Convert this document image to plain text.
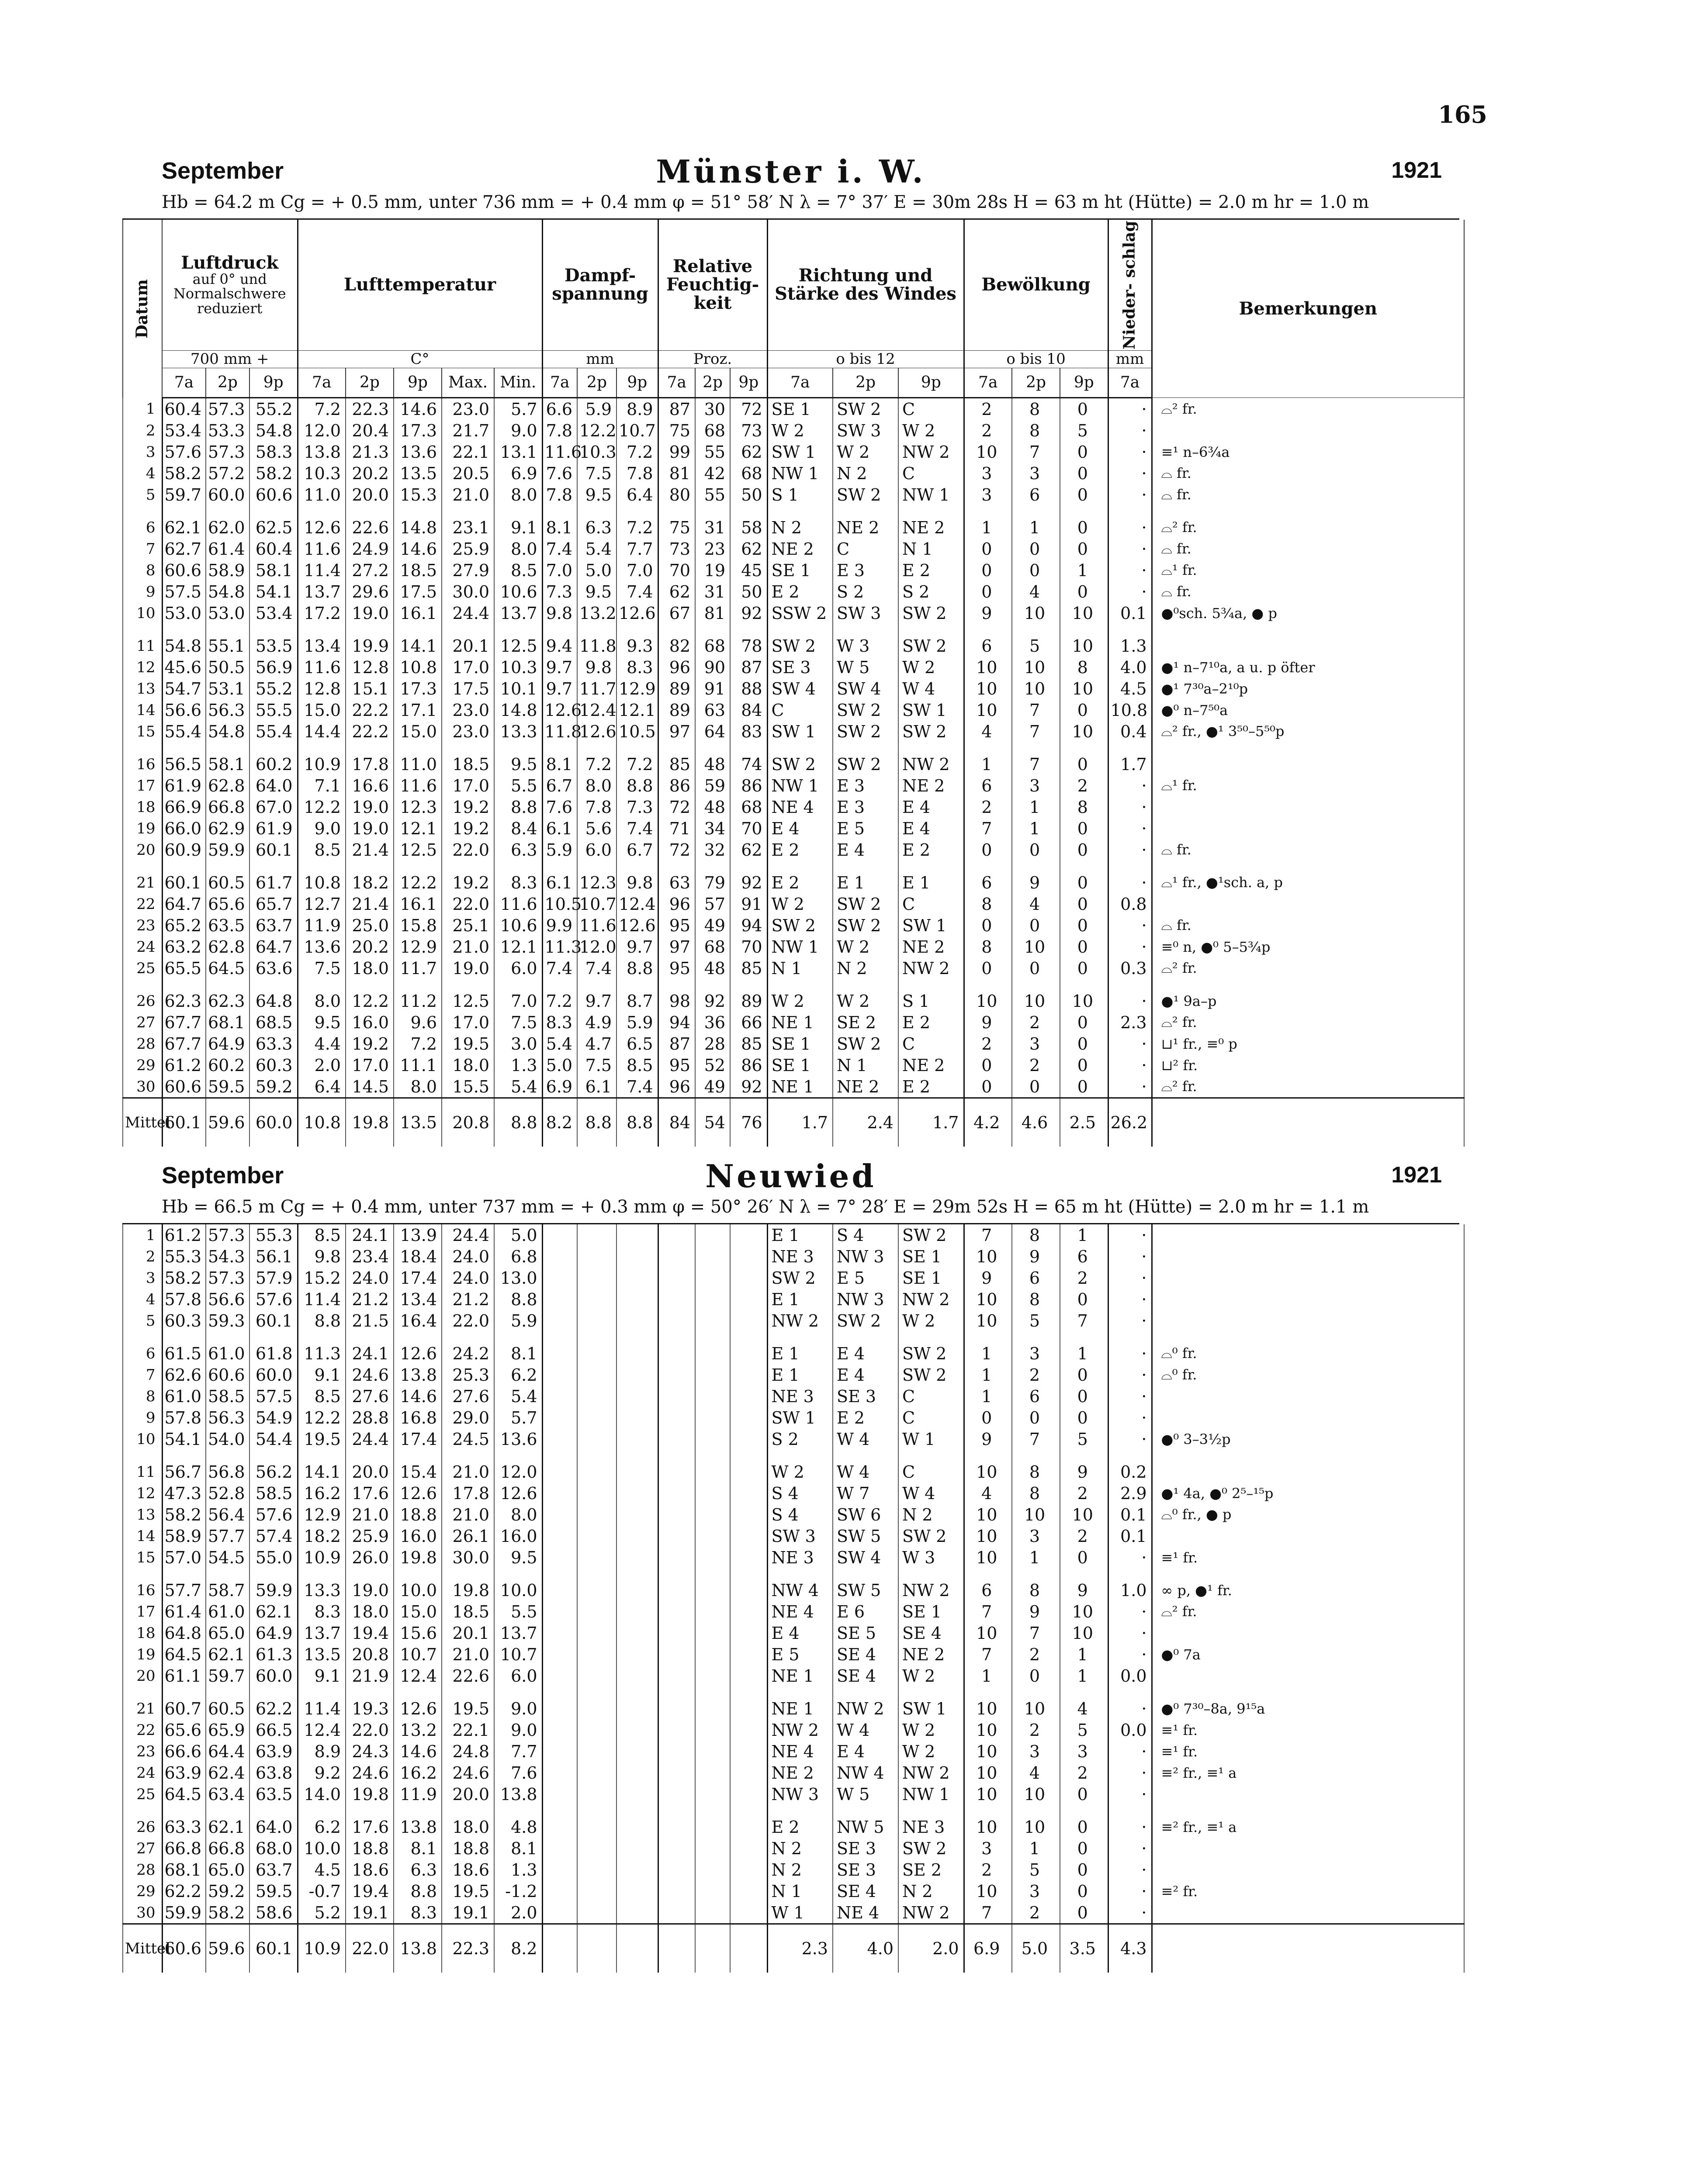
165
September	Münster i. W.	1921
Hb = 64.2 m Cg = + 0.5 mm, unter 736 mm = + 0.4 mm φ = 51° 58′ N λ = 7° 37′ E = 30m 28s H = 63 m ht (Hütte) = 2.0 m hr = 1.0 m
Datum	Luftdruck
auf 0° und Normalschwere reduziert			Lufttemperatur					Dampf- spannung			Relative Feuchtig- keit			Richtung und Stärke des Windes			Bewölkung			Nieder- schlag	Bemerkungen
	700 mm +			C°					mm			Proz.			o bis 12			o bis 10			mm	
	7a	2p	9p	7a	2p	9p	Max.	Min.	7a	2p	9p	7a	2p	9p	7a	2p	9p	7a	2p	9p	7a	
1	60.4	57.3	55.2	7.2	22.3	14.6	23.0	5.7	6.6	5.9	8.9	87	30	72	SE 1	SW 2	C	2	8	0	·	⌓² fr.
2	53.4	53.3	54.8	12.0	20.4	17.3	21.7	9.0	7.8	12.2	10.7	75	68	73	W 2	SW 3	W 2	2	8	5	·	
3	57.6	57.3	58.3	13.8	21.3	13.6	22.1	13.1	11.6	10.3	7.2	99	55	62	SW 1	W 2	NW 2	10	7	0	·	≡¹ n–6¾a
4	58.2	57.2	58.2	10.3	20.2	13.5	20.5	6.9	7.6	7.5	7.8	81	42	68	NW 1	N 2	C	3	3	0	·	⌓ fr.
5	59.7	60.0	60.6	11.0	20.0	15.3	21.0	8.0	7.8	9.5	6.4	80	55	50	S 1	SW 2	NW 1	3	6	0	·	⌓ fr.
6	62.1	62.0	62.5	12.6	22.6	14.8	23.1	9.1	8.1	6.3	7.2	75	31	58	N 2	NE 2	NE 2	1	1	0	·	⌓² fr.
7	62.7	61.4	60.4	11.6	24.9	14.6	25.9	8.0	7.4	5.4	7.7	73	23	62	NE 2	C	N 1	0	0	0	·	⌓ fr.
8	60.6	58.9	58.1	11.4	27.2	18.5	27.9	8.5	7.0	5.0	7.0	70	19	45	SE 1	E 3	E 2	0	0	1	·	⌓¹ fr.
9	57.5	54.8	54.1	13.7	29.6	17.5	30.0	10.6	7.3	9.5	7.4	62	31	50	E 2	S 2	S 2	0	4	0	·	⌓ fr.
10	53.0	53.0	53.4	17.2	19.0	16.1	24.4	13.7	9.8	13.2	12.6	67	81	92	SSW 2	SW 3	SW 2	9	10	10	0.1	●⁰sch. 5¾a, ● p
11	54.8	55.1	53.5	13.4	19.9	14.1	20.1	12.5	9.4	11.8	9.3	82	68	78	SW 2	W 3	SW 2	6	5	10	1.3	
12	45.6	50.5	56.9	11.6	12.8	10.8	17.0	10.3	9.7	9.8	8.3	96	90	87	SE 3	W 5	W 2	10	10	8	4.0	●¹ n–7¹⁰a, a u. p öfter
13	54.7	53.1	55.2	12.8	15.1	17.3	17.5	10.1	9.7	11.7	12.9	89	91	88	SW 4	SW 4	W 4	10	10	10	4.5	●¹ 7³⁰a–2¹⁰p
14	56.6	56.3	55.5	15.0	22.2	17.1	23.0	14.8	12.6	12.4	12.1	89	63	84	C	SW 2	SW 1	10	7	0	10.8	●⁰ n–7⁵⁰a
15	55.4	54.8	55.4	14.4	22.2	15.0	23.0	13.3	11.8	12.6	10.5	97	64	83	SW 1	SW 2	SW 2	4	7	10	0.4	⌓² fr., ●¹ 3⁵⁰–5⁵⁰p
16	56.5	58.1	60.2	10.9	17.8	11.0	18.5	9.5	8.1	7.2	7.2	85	48	74	SW 2	SW 2	NW 2	1	7	0	1.7	
17	61.9	62.8	64.0	7.1	16.6	11.6	17.0	5.5	6.7	8.0	8.8	86	59	86	NW 1	E 3	NE 2	6	3	2	·	⌓¹ fr.
18	66.9	66.8	67.0	12.2	19.0	12.3	19.2	8.8	7.6	7.8	7.3	72	48	68	NE 4	E 3	E 4	2	1	8	·	
19	66.0	62.9	61.9	9.0	19.0	12.1	19.2	8.4	6.1	5.6	7.4	71	34	70	E 4	E 5	E 4	7	1	0	·	
20	60.9	59.9	60.1	8.5	21.4	12.5	22.0	6.3	5.9	6.0	6.7	72	32	62	E 2	E 4	E 2	0	0	0	·	⌓ fr.
21	60.1	60.5	61.7	10.8	18.2	12.2	19.2	8.3	6.1	12.3	9.8	63	79	92	E 2	E 1	E 1	6	9	0	·	⌓¹ fr., ●¹sch. a, p
22	64.7	65.6	65.7	12.7	21.4	16.1	22.0	11.6	10.5	10.7	12.4	96	57	91	W 2	SW 2	C	8	4	0	0.8	
23	65.2	63.5	63.7	11.9	25.0	15.8	25.1	10.6	9.9	11.6	12.6	95	49	94	SW 2	SW 2	SW 1	0	0	0	·	⌓ fr.
24	63.2	62.8	64.7	13.6	20.2	12.9	21.0	12.1	11.3	12.0	9.7	97	68	70	NW 1	W 2	NE 2	8	10	0	·	≡⁰ n, ●⁰ 5–5¾p
25	65.5	64.5	63.6	7.5	18.0	11.7	19.0	6.0	7.4	7.4	8.8	95	48	85	N 1	N 2	NW 2	0	0	0	0.3	⌓² fr.
26	62.3	62.3	64.8	8.0	12.2	11.2	12.5	7.0	7.2	9.7	8.7	98	92	89	W 2	W 2	S 1	10	10	10	·	●¹ 9a–p
27	67.7	68.1	68.5	9.5	16.0	9.6	17.0	7.5	8.3	4.9	5.9	94	36	66	NE 1	SE 2	E 2	9	2	0	2.3	⌓² fr.
28	67.7	64.9	63.3	4.4	19.2	7.2	19.5	3.0	5.4	4.7	6.5	87	28	85	SE 1	SW 2	C	2	3	0	·	⊔¹ fr., ≡⁰ p
29	61.2	60.2	60.3	2.0	17.0	11.1	18.0	1.3	5.0	7.5	8.5	95	52	86	SE 1	N 1	NE 2	0	2	0	·	⊔² fr.
30	60.6	59.5	59.2	6.4	14.5	8.0	15.5	5.4	6.9	6.1	7.4	96	49	92	NE 1	NE 2	E 2	0	0	0	·	⌓² fr.
Mittel	60.1	59.6	60.0	10.8	19.8	13.5	20.8	8.8	8.2	8.8	8.8	84	54	76	1.7	2.4	1.7	4.2	4.6	2.5	26.2	
September	Neuwied	1921
Hb = 66.5 m Cg = + 0.4 mm, unter 737 mm = + 0.3 mm φ = 50° 26′ N λ = 7° 28′ E = 29m 52s H = 65 m ht (Hütte) = 2.0 m hr = 1.1 m
1	61.2	57.3	55.3	8.5	24.1	13.9	24.4	5.0							E 1	S 4	SW 2	7	8	1	·	
2	55.3	54.3	56.1	9.8	23.4	18.4	24.0	6.8							NE 3	NW 3	SE 1	10	9	6	·	
3	58.2	57.3	57.9	15.2	24.0	17.4	24.0	13.0							SW 2	E 5	SE 1	9	6	2	·	
4	57.8	56.6	57.6	11.4	21.2	13.4	21.2	8.8							E 1	NW 3	NW 2	10	8	0	·	
5	60.3	59.3	60.1	8.8	21.5	16.4	22.0	5.9							NW 2	SW 2	W 2	10	5	7	·	
6	61.5	61.0	61.8	11.3	24.1	12.6	24.2	8.1							E 1	E 4	SW 2	1	3	1	·	⌓⁰ fr.
7	62.6	60.6	60.0	9.1	24.6	13.8	25.3	6.2							E 1	E 4	SW 2	1	2	0	·	⌓⁰ fr.
8	61.0	58.5	57.5	8.5	27.6	14.6	27.6	5.4							NE 3	SE 3	C	1	6	0	·	
9	57.8	56.3	54.9	12.2	28.8	16.8	29.0	5.7							SW 1	E 2	C	0	0	0	·	
10	54.1	54.0	54.4	19.5	24.4	17.4	24.5	13.6							S 2	W 4	W 1	9	7	5	·	●⁰ 3–3½p
11	56.7	56.8	56.2	14.1	20.0	15.4	21.0	12.0							W 2	W 4	C	10	8	9	0.2	
12	47.3	52.8	58.5	16.2	17.6	12.6	17.8	12.6							S 4	W 7	W 4	4	8	2	2.9	●¹ 4a, ●⁰ 2⁵–¹⁵p
13	58.2	56.4	57.6	12.9	21.0	18.8	21.0	8.0							S 4	SW 6	N 2	10	10	10	0.1	⌓⁰ fr., ● p
14	58.9	57.7	57.4	18.2	25.9	16.0	26.1	16.0							SW 3	SW 5	SW 2	10	3	2	0.1	
15	57.0	54.5	55.0	10.9	26.0	19.8	30.0	9.5							NE 3	SW 4	W 3	10	1	0	·	≡¹ fr.
16	57.7	58.7	59.9	13.3	19.0	10.0	19.8	10.0							NW 4	SW 5	NW 2	6	8	9	1.0	∞ p, ●¹ fr.
17	61.4	61.0	62.1	8.3	18.0	15.0	18.5	5.5							NE 4	E 6	SE 1	7	9	10	·	⌓² fr.
18	64.8	65.0	64.9	13.7	19.4	15.6	20.1	13.7							E 4	SE 5	SE 4	10	7	10	·	
19	64.5	62.1	61.3	13.5	20.8	10.7	21.0	10.7							E 5	SE 4	NE 2	7	2	1	·	●⁰ 7a
20	61.1	59.7	60.0	9.1	21.9	12.4	22.6	6.0							NE 1	SE 4	W 2	1	0	1	0.0	
21	60.7	60.5	62.2	11.4	19.3	12.6	19.5	9.0							NE 1	NW 2	SW 1	10	10	4	·	●⁰ 7³⁰–8a, 9¹⁵a
22	65.6	65.9	66.5	12.4	22.0	13.2	22.1	9.0							NW 2	W 4	W 2	10	2	5	0.0	≡¹ fr.
23	66.6	64.4	63.9	8.9	24.3	14.6	24.8	7.7							NE 4	E 4	W 2	10	3	3	·	≡¹ fr.
24	63.9	62.4	63.8	9.2	24.6	16.2	24.6	7.6							NE 2	NW 4	NW 2	10	4	2	·	≡² fr., ≡¹ a
25	64.5	63.4	63.5	14.0	19.8	11.9	20.0	13.8							NW 3	W 5	NW 1	10	10	0	·	
26	63.3	62.1	64.0	6.2	17.6	13.8	18.0	4.8							E 2	NW 5	NE 3	10	10	0	·	≡² fr., ≡¹ a
27	66.8	66.8	68.0	10.0	18.8	8.1	18.8	8.1							N 2	SE 3	SW 2	3	1	0	·	
28	68.1	65.0	63.7	4.5	18.6	6.3	18.6	1.3							N 2	SE 3	SE 2	2	5	0	·	
29	62.2	59.2	59.5	-0.7	19.4	8.8	19.5	-1.2							N 1	SE 4	N 2	10	3	0	·	≡² fr.
30	59.9	58.2	58.6	5.2	19.1	8.3	19.1	2.0							W 1	NE 4	NW 2	7	2	0	·	
Mittel	60.6	59.6	60.1	10.9	22.0	13.8	22.3	8.2							2.3	4.0	2.0	6.9	5.0	3.5	4.3	
